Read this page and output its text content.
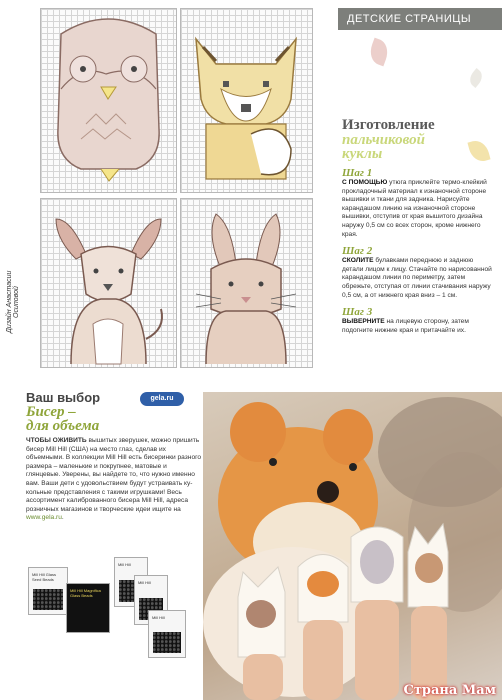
ДЕТСКИЕ СТРАНИЦЫ
Дизайн Анастасии Осиповой
Изготовление
пальчиковой
куклы
Шаг 1
С ПОМОЩЬЮ утюга приклейте термо-клейкий прокладочный материал к изнаночной стороне вышивки и ткани для задника. Нарисуйте карандашом линию на изнаночной стороне вышивки, отступив от края вышитого дизайна наружу 0,5 см со всех сторон, кроме нижнего края.
Шаг 2
СКОЛИТЕ булавками переднюю и заднюю детали лицом к лицу. Стачайте по нарисованной карандашом линии по периметру, затем обрежьте, отступая от линии стачивания наружу 0,5 см, а от нижнего края вниз – 1 см.
Шаг 3
ВЫВЕРНИТЕ на лицевую сторону, затем подогните нижние края и притачайте их.
Ваш выбор
Бисер –
для объема
ЧТОБЫ ОЖИВИТЬ вышитых зверушек, можно пришить бисер Mill Hill (США) на место глаз, сделав их объемными. В коллекции Mill Hill есть бисеринки разного размера – маленькие и покрупнее, матовые и глянцевые. Уверены, вы найдете то, что нужно именно вам. Ваши дети с удовольствием будут устраивать ку-кольные представления с такими игрушками! Весь ассортимент калиброванного бисера Mill Hill, адреса розничных магазинов и творческие идеи ищите на www.gela.ru.
gela.ru
Mill Hill Glass Seed Beads
Mill Hill Magnifica Glass Beads
Mill Hill
Mill Hill
Mill Hill
Страна Мам
